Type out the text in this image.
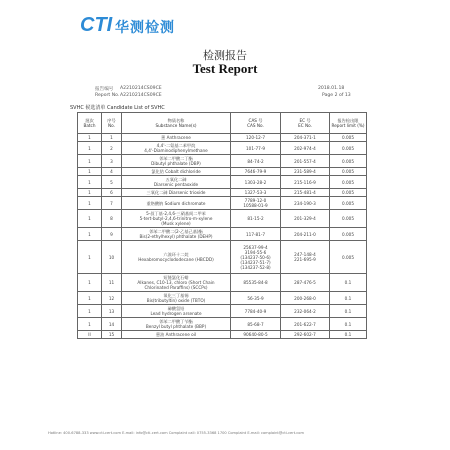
CTI 华测检测
检测报告
Test Report
报告编号 A2210214CS09CE
Report No. A2210214CS09CE
2018.01.18
Page 2 of 13
SVHC 候选清单 Candidate List of SVHC
批次
Batch	序号
No.	物质名称
Substance Name(s)	CAS 号
CAS No.	EC 号
EC No.	报告检出限
Report limit (%)
1	1	蒽 Anthracene	120-12-7	204-371-1	0.005
1	2	4,4'-二氨基二苯甲烷
4,4'-Diaminodiphenylmethane	101-77-9	202-974-4	0.005
1	3	邻苯二甲酸二丁酯
Dibutyl phthalate (DBP)	84-74-2	201-557-4	0.005
1	4	氯化钴 Cobalt dichloride	7646-79-9	231-589-4	0.005
1	5	五氧化二砷
Diarsenic pentaoxide	1303-28-2	215-116-9	0.005
1	6	三氧化二砷 Diarsenic trioxide	1327-53-3	215-481-4	0.005
1	7	重铬酸钠 Sodium dichromate	7789-12-0
10588-01-9	234-190-3	0.005
1	8	5-叔丁基-2,4,6-三硝基间二甲苯
5-tert-butyl-2,4,6-trinitro-m-xylene
(Musk xylene)	81-15-2	201-329-4	0.005
1	9	邻苯二甲酸二(2-乙基己基)酯
Bis(2-ethylhexyl) phthalate (DEHP)	117-81-7	204-211-0	0.005
1	10	六溴环十二烷
Hexabromocyclododecane (HBCDD)	25637-99-4
3194-55-6
(134237-50-6)
(134237-51-7)
(134237-52-8)	247-148-4
221-695-9	0.005
1	11	短链氯化石蜡
Alkanes, C10-13, chloro (Short Chain
Chlorinated Paraffins) (SCCPs)	85535-84-8	287-476-5	0.1
1	12	氧化三丁基锡
Bis(tributyltin) oxide (TBTO)	56-35-9	200-268-0	0.1
1	13	砷酸氢铅
Lead hydrogen arsenate	7784-40-9	232-064-2	0.1
1	14	邻苯二甲酸丁苄酯
Benzyl butyl phthalate (BBP)	85-68-7	201-622-7	0.1
II	15	蒽油 Anthracene oil	90640-80-5	292-602-7	0.1
Hotline: 400-6788-333 www.cti-cert.com E-mail: info@cti-cert.com Complaint call: 0755-3368 1700 Complaint E-mail: complaint@cti-cert.com
